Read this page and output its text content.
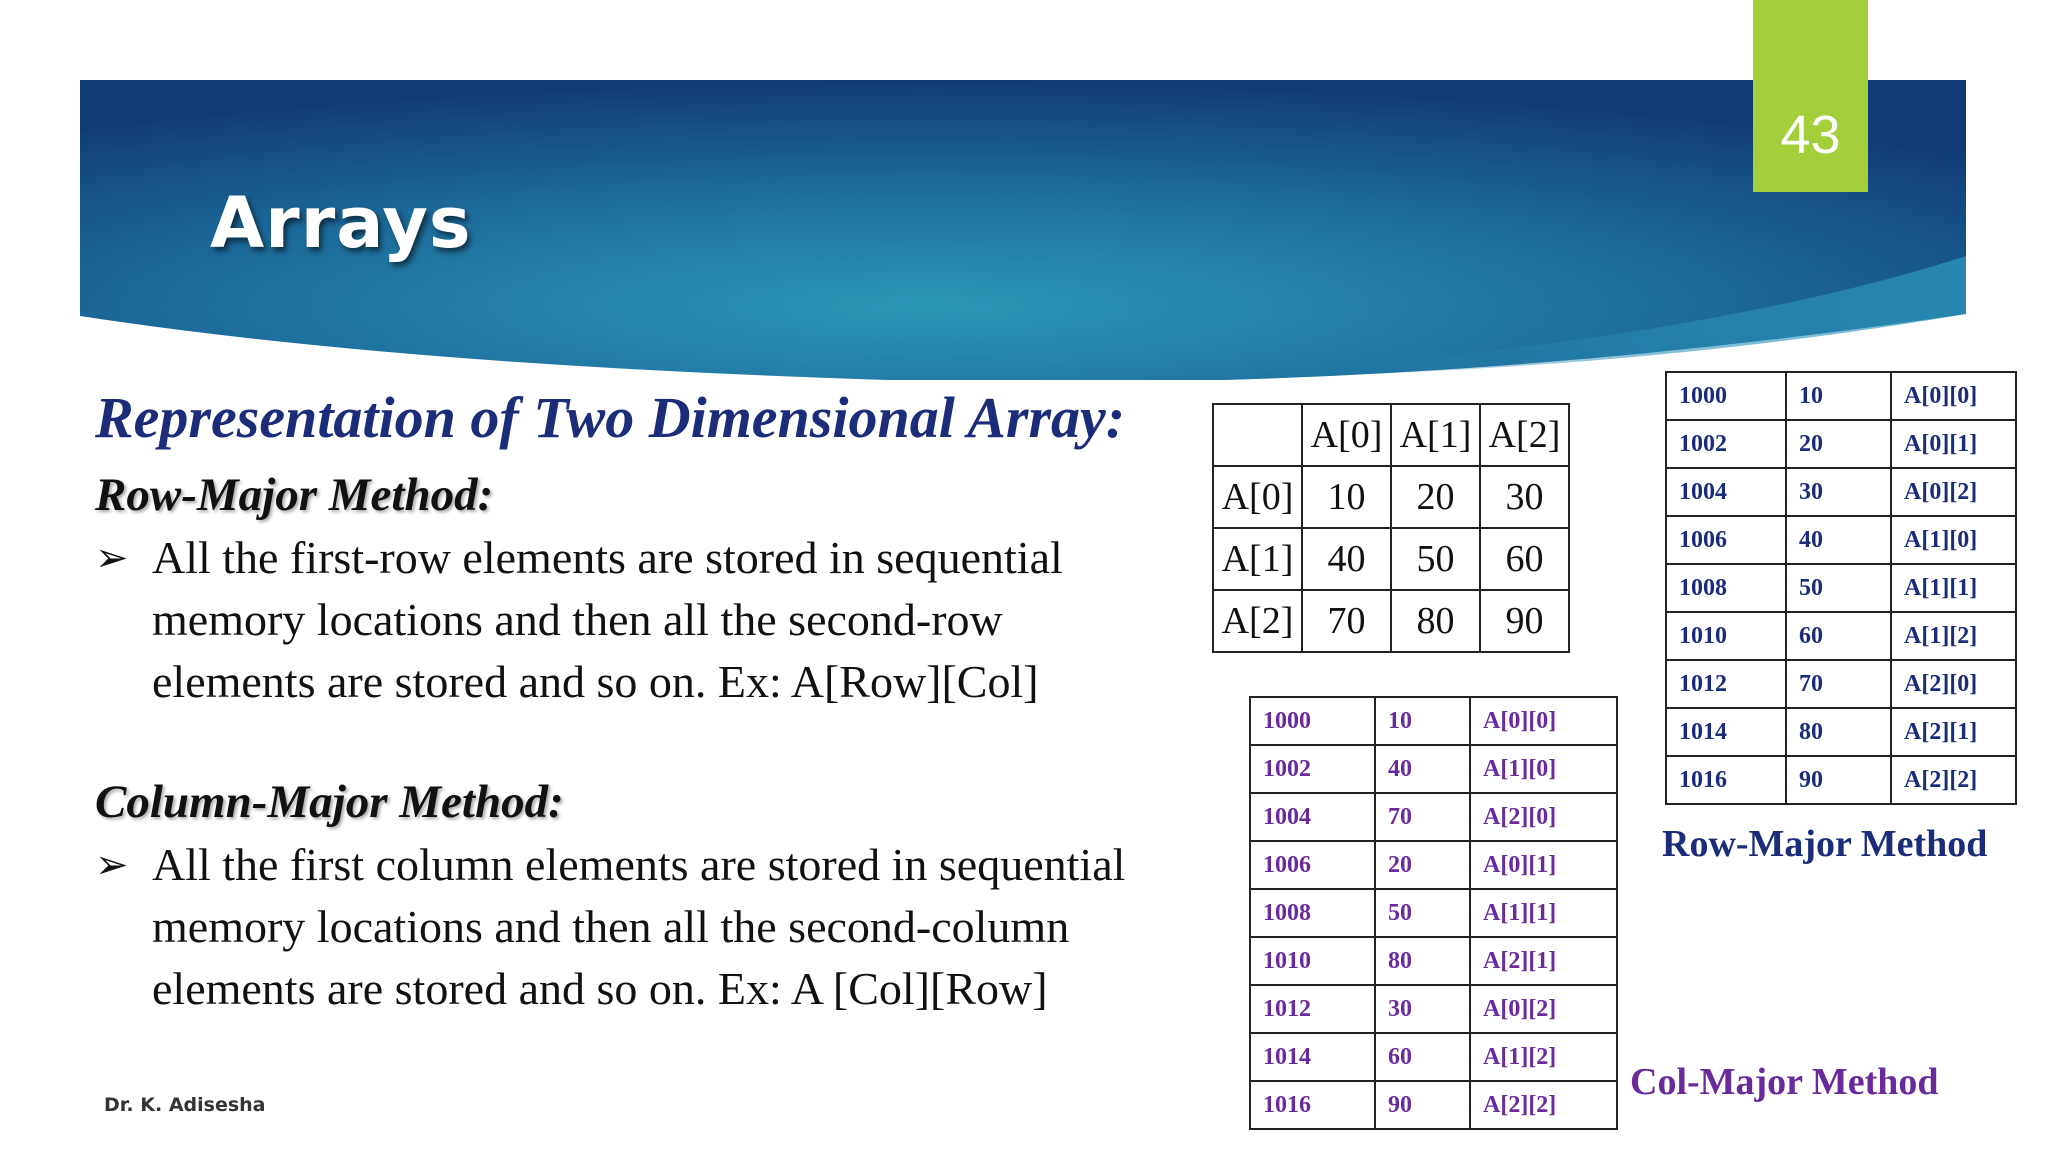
43
Arrays
Representation of Two Dimensional Array:
Row-Major Method:
➢ All the first-row elements are stored in sequential
memory locations and then all the second-row
elements are stored and so on. Ex: A[Row][Col]
Column-Major Method:
➢ All the first column elements are stored in sequential
memory locations and then all the second-column
elements are stored and so on. Ex: A [Col][Row]
	A[0]	A[1]	A[2]
A[0]	10	20	30
A[1]	40	50	60
A[2]	70	80	90
1000	10	A[0][0]
1002	20	A[0][1]
1004	30	A[0][2]
1006	40	A[1][0]
1008	50	A[1][1]
1010	60	A[1][2]
1012	70	A[2][0]
1014	80	A[2][1]
1016	90	A[2][2]
Row-Major Method
1000	10	A[0][0]
1002	40	A[1][0]
1004	70	A[2][0]
1006	20	A[0][1]
1008	50	A[1][1]
1010	80	A[2][1]
1012	30	A[0][2]
1014	60	A[1][2]
1016	90	A[2][2]
Col-Major Method
Dr. K. Adisesha
